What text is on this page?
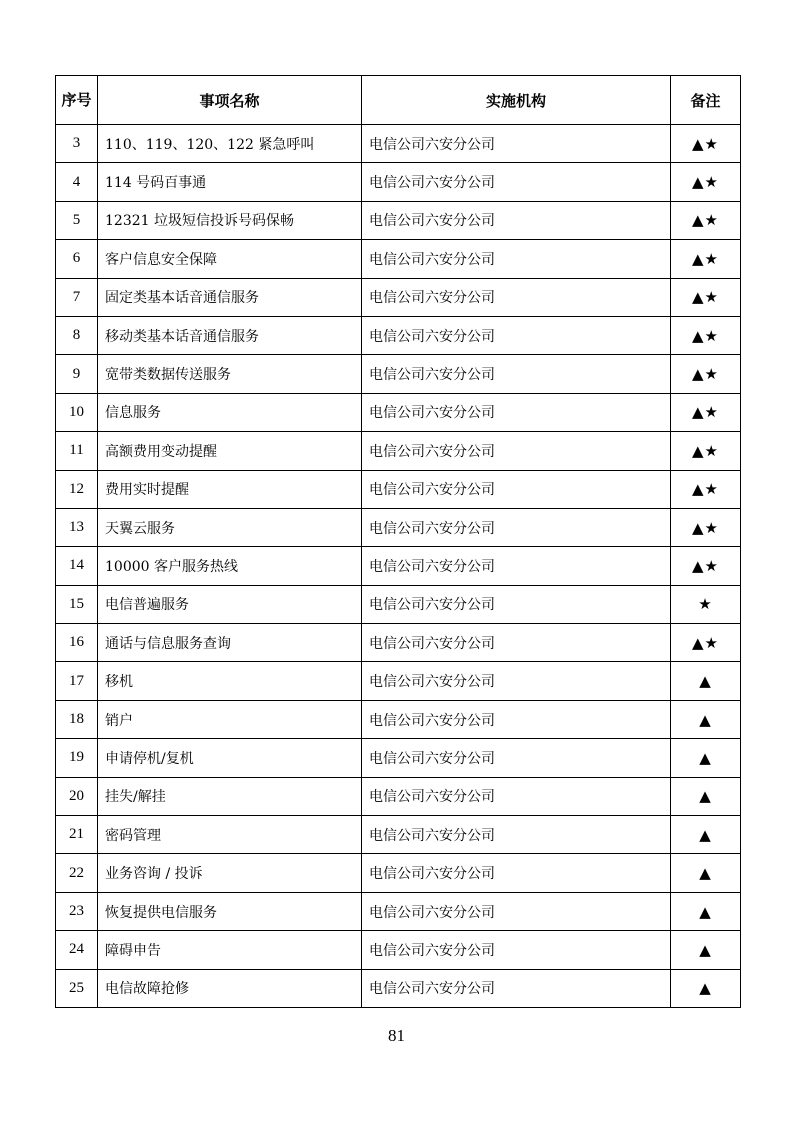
序号	事项名称	实施机构	备注
3	110、119、120、122 紧急呼叫	电信公司六安分公司	▲★
4	114 号码百事通	电信公司六安分公司	▲★
5	12321 垃圾短信投诉号码保畅	电信公司六安分公司	▲★
6	客户信息安全保障	电信公司六安分公司	▲★
7	固定类基本话音通信服务	电信公司六安分公司	▲★
8	移动类基本话音通信服务	电信公司六安分公司	▲★
9	宽带类数据传送服务	电信公司六安分公司	▲★
10	信息服务	电信公司六安分公司	▲★
11	高额费用变动提醒	电信公司六安分公司	▲★
12	费用实时提醒	电信公司六安分公司	▲★
13	天翼云服务	电信公司六安分公司	▲★
14	10000 客户服务热线	电信公司六安分公司	▲★
15	电信普遍服务	电信公司六安分公司	★
16	通话与信息服务查询	电信公司六安分公司	▲★
17	移机	电信公司六安分公司	▲
18	销户	电信公司六安分公司	▲
19	申请停机/复机	电信公司六安分公司	▲
20	挂失/解挂	电信公司六安分公司	▲
21	密码管理	电信公司六安分公司	▲
22	业务咨询 / 投诉	电信公司六安分公司	▲
23	恢复提供电信服务	电信公司六安分公司	▲
24	障碍申告	电信公司六安分公司	▲
25	电信故障抢修	电信公司六安分公司	▲
81
